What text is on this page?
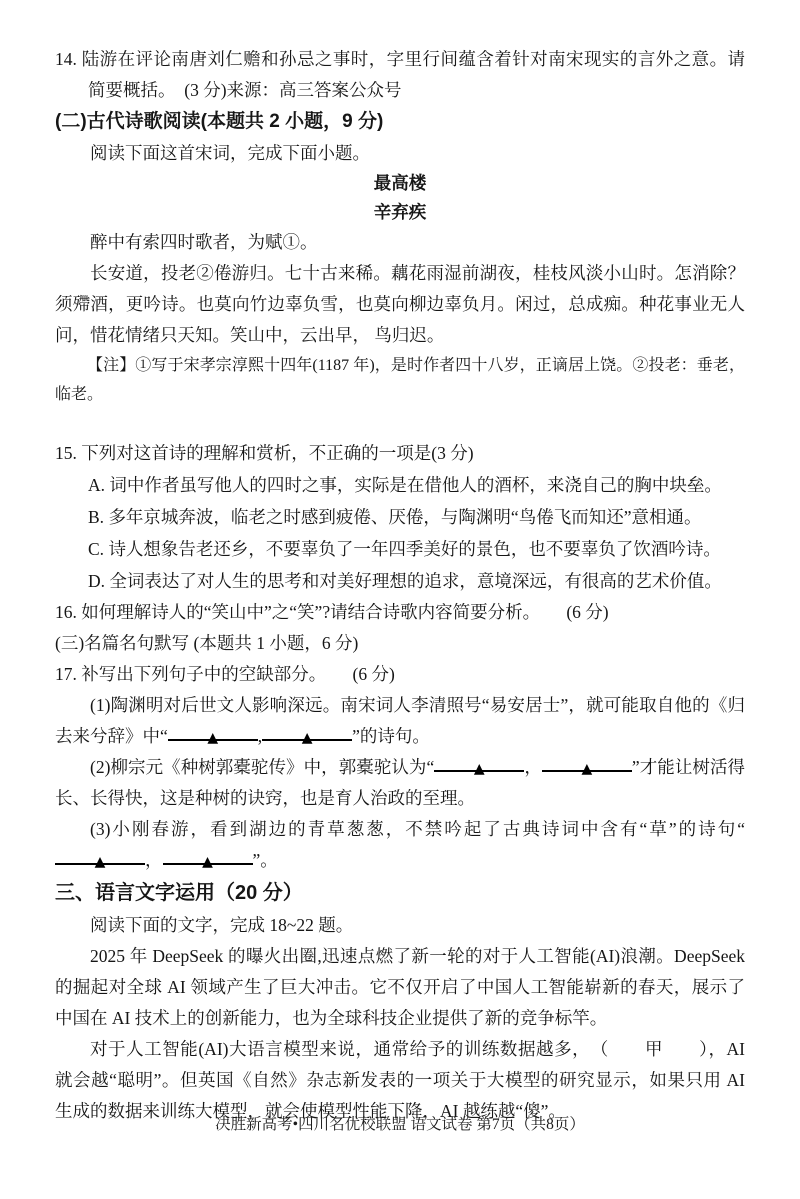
14. 陆游在评论南唐刘仁赡和孙忌之事时，字里行间蕴含着针对南宋现实的言外之意。请简要概括。　(3 分)来源：高三答案公众号

(二)古代诗歌阅读(本题共 2 小题，9 分)

阅读下面这首宋词，完成下面小题。

最高楼

辛弃疾

醉中有索四时歌者，为赋①。

长安道，投老②倦游归。七十古来稀。藕花雨湿前湖夜，桂枝风淡小山时。怎消除？须殢酒，更吟诗。也莫向竹边辜负雪，也莫向柳边辜负月。闲过，总成痴。种花事业无人问，惜花情绪只天知。笑山中，云出早， 鸟归迟。

【注】①写于宋孝宗淳熙十四年(1187 年)，是时作者四十八岁，正谪居上饶。②投老：垂老，临老。

15. 下列对这首诗的理解和赏析，不正确的一项是(3 分)

A. 词中作者虽写他人的四时之事，实际是在借他人的酒杯，来浇自己的胸中块垒。

B. 多年京城奔波，临老之时感到疲倦、厌倦，与陶渊明“鸟倦飞而知还”意相通。

C. 诗人想象告老还乡，不要辜负了一年四季美好的景色，也不要辜负了饮酒吟诗。

D. 全词表达了对人生的思考和对美好理想的追求，意境深远，有很高的艺术价值。

16. 如何理解诗人的“笑山中”之“笑”?请结合诗歌内容简要分析。　　(6 分)

(三)名篇名句默写 (本题共 1 小题，6 分)

17. 补写出下列句子中的空缺部分。　　(6 分)

(1)陶渊明对后世文人影响深远。南宋词人李清照号“易安居士”，就可能取自他的《归去来兮辞》中“	▲ ,	▲ ”的诗句。

(2)柳宗元《种树郭橐驼传》中，郭橐驼认为“	▲ ，	▲ ”才能让树活得长、长得快，这是种树的诀窍，也是育人治政的至理。

(3)小刚春游，看到湖边的青草葱葱，不禁吟起了古典诗词中含有“草”的诗句“▲ ，	▲ ”。

三、语言文字运用（20 分）

阅读下面的文字，完成 18~22 题。

2025 年 DeepSeek 的曝火出圈,迅速点燃了新一轮的对于人工智能(AI)浪潮。DeepSeek 的掘起对全球 AI 领域产生了巨大冲击。它不仅开启了中国人工智能崭新的春天，展示了中国在 AI 技术上的创新能力，也为全球科技企业提供了新的竞争标竿。

对于人工智能(AI)大语言模型来说，通常给予的训练数据越多，　（　　甲　　），AI 就会越“聪明”。但英国《自然》杂志新发表的一项关于大模型的研究显示，如果只用 AI 生成的数据来训练大模型，就会使模型性能下降，AI 越练越“傻”。

决胜新高考•四川名优校联盟 语文试卷 第7页（共8页）
